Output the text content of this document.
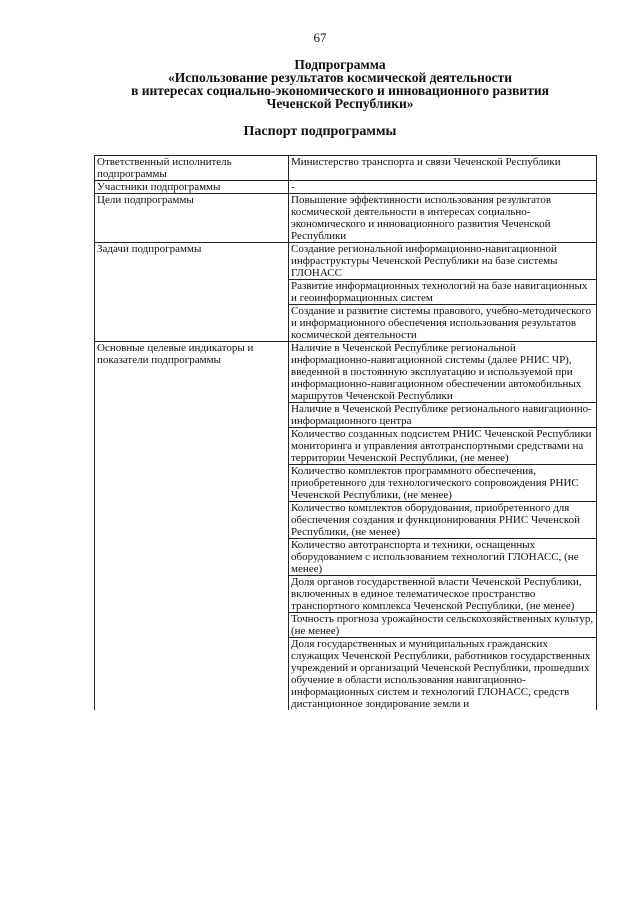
67
Подпрограмма
«Использование результатов космической деятельности
в интересах социально-экономического и инновационного развития
Чеченской Республики»
Паспорт подпрограммы
Ответственный исполнитель подпрограммы	Министерство транспорта и связи Чеченской Республики
Участники подпрограммы	-
Цели подпрограммы	Повышение эффективности использования результатов космической деятельности в интересах социально-экономического и инновационного развития Чеченской Республики
Задачи подпрограммы	Создание региональной информационно-навигационной инфраструктуры Чеченской Республики на базе системы ГЛОНАСС
	Развитие информационных технологий на базе навигационных и геоинформационных систем
	Создание и развитие системы правового, учебно-методического и информационного обеспечения использования результатов космической деятельности
Основные целевые индикаторы и показатели подпрограммы	Наличие в Чеченской Республике региональной информационно-навигационной системы (далее РНИС ЧР), введенной в постоянную эксплуатацию и используемой при информационно-навигационном обеспечении автомобильных маршрутов Чеченской Республики
	Наличие в Чеченской Республике регионального навигационно-информационного центра
	Количество созданных подсистем РНИС Чеченской Республики мониторинга и управления автотранспортными средствами на территории Чеченской Республики, (не менее)
	Количество комплектов программного обеспечения, приобретенного для технологического сопровождения РНИС Чеченской Республики, (не менее)
	Количество комплектов оборудования, приобретенного для обеспечения создания и функционирования РНИС Чеченской Республики, (не менее)
	Количество автотранспорта и техники, оснащенных оборудованием с использованием технологий ГЛОНАСС, (не менее)
	Доля органов государственной власти Чеченской Республики, включенных в единое телематическое пространство транспортного комплекса Чеченской Республики, (не менее)
	Точность прогноза урожайности сельскохозяйственных культур, (не менее)
	Доля государственных и муниципальных гражданских служащих Чеченской Республики, работников государственных учреждений и организаций Чеченской Республики, прошедших обучение в области использования навигационно-информационных систем и технологий ГЛОНАСС, средств дистанционное зондирование земли и
